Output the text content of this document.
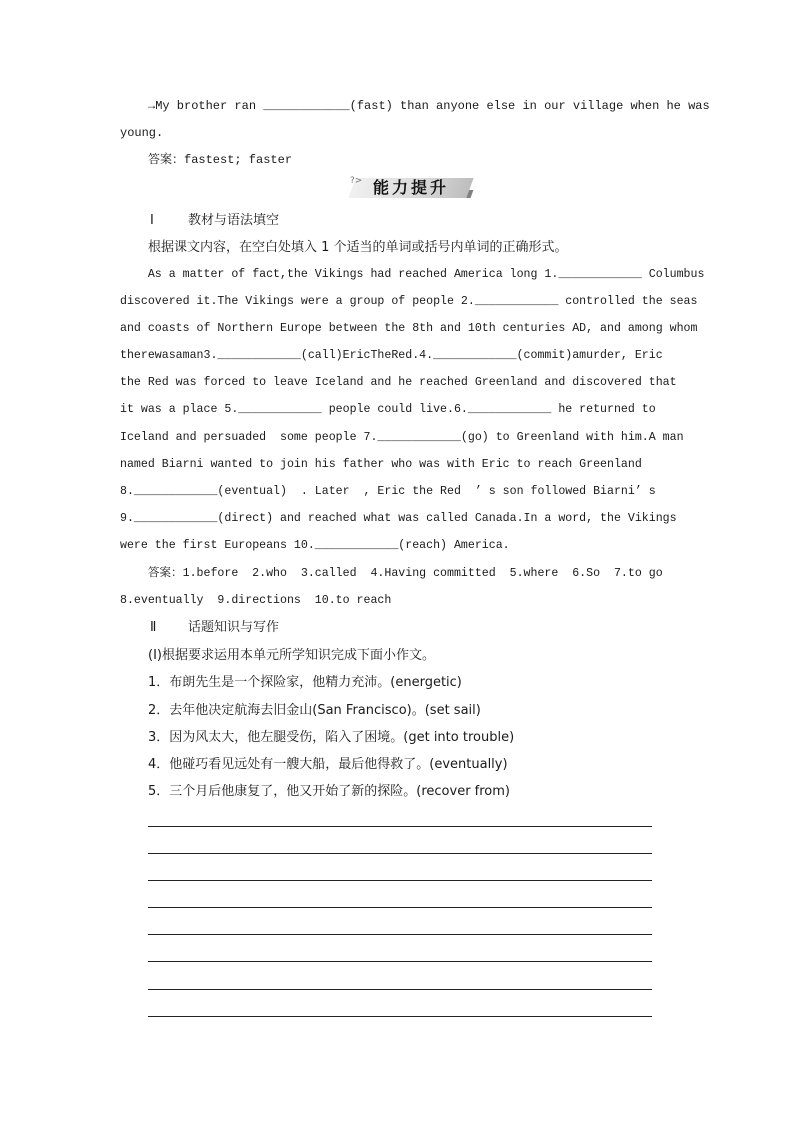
→My brother ran ____________(fast) than anyone else in our village when he was
young.
答案：fastest; faster
?> 能力提升
Ⅰ	教材与语法填空
根据课文内容，在空白处填入 1 个适当的单词或括号内单词的正确形式。
As a matter of fact,the Vikings had reached America long 1.____________ Columbus
discovered it.The Vikings were a group of people 2.____________ controlled the seas
and coasts of Northern Europe between the 8th and 10th centuries AD, and among whom
therewasaman3.____________(call)EricTheRed.4.____________(commit)amurder, Eric
the Red was forced to leave Iceland and he reached Greenland and discovered that
it was a place 5.____________ people could live.6.____________ he returned to
Iceland and persuaded  some people 7.____________(go) to Greenland with him.A man
named Biarni wanted to join his father who was with Eric to reach Greenland
8.____________(eventual)  . Later  , Eric the Red  ’ s son followed Biarni’ s
9.____________(direct) and reached what was called Canada.In a word, the Vikings
were the first Europeans 10.____________(reach) America.
答案：1.before  2.who  3.called  4.Having committed  5.where  6.So  7.to go
8.eventually  9.directions  10.to reach
Ⅱ 话题知识与写作
(Ⅰ)根据要求运用本单元所学知识完成下面小作文。
1．布朗先生是一个探险家，他精力充沛。(energetic)
2．去年他决定航海去旧金山(San Francisco)。(set sail)
3．因为风太大，他左腿受伤，陷入了困境。(get into trouble)
4．他碰巧看见远处有一艘大船，最后他得救了。(eventually)
5．三个月后他康复了，他又开始了新的探险。(recover from)
